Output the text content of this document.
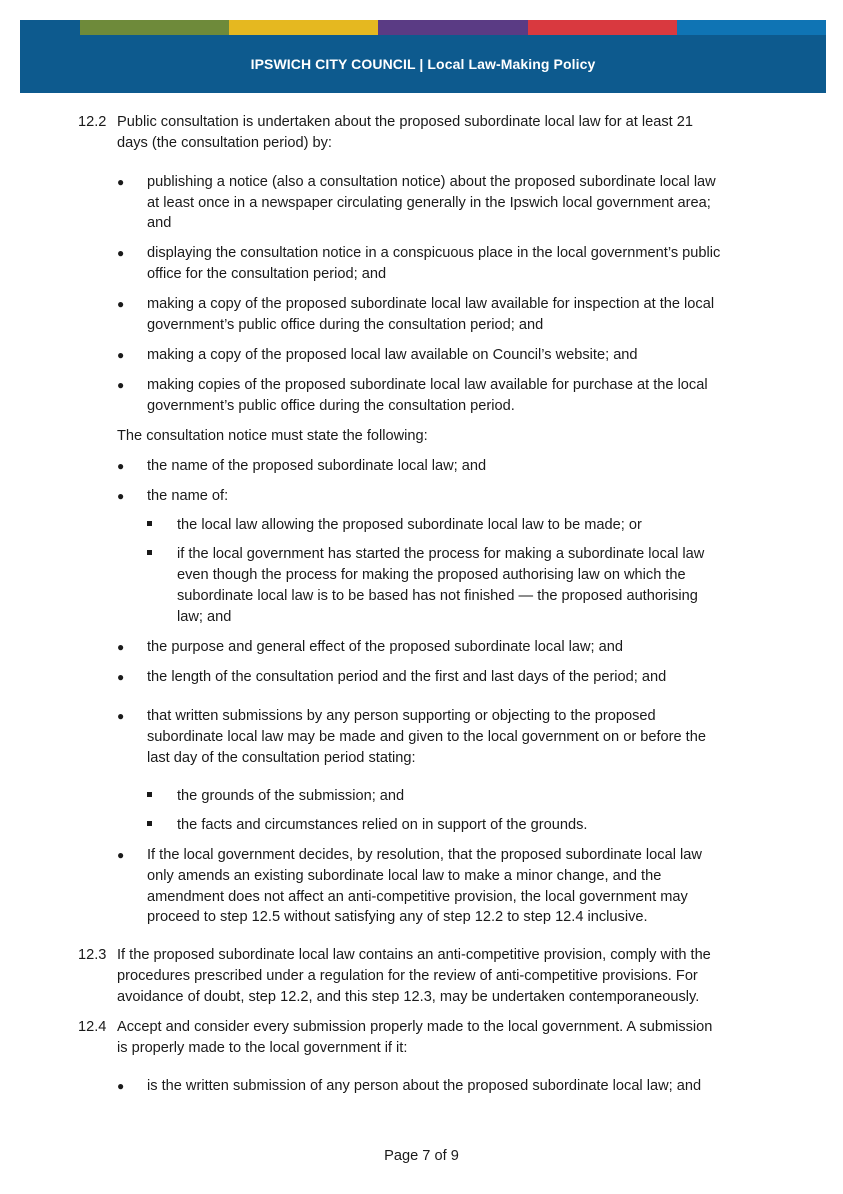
IPSWICH CITY COUNCIL | Local Law-Making Policy
12.2 Public consultation is undertaken about the proposed subordinate local law for at least 21

days (the consultation period) by:

● publishing a notice (also a consultation notice) about the proposed subordinate local law

at least once in a newspaper circulating generally in the Ipswich local government area;

and

● displaying the consultation notice in a conspicuous place in the local government’s public

office for the consultation period; and

● making a copy of the proposed subordinate local law available for inspection at the local

government’s public office during the consultation period; and

● making a copy of the proposed local law available on Council’s website; and

● making copies of the proposed subordinate local law available for purchase at the local

government’s public office during the consultation period.

The consultation notice must state the following:

● the name of the proposed subordinate local law; and

● the name of:

the local law allowing the proposed subordinate local law to be made; or

if the local government has started the process for making a subordinate local law

even though the process for making the proposed authorising law on which the

subordinate local law is to be based has not finished — the proposed authorising

law; and

● the purpose and general effect of the proposed subordinate local law; and

● the length of the consultation period and the first and last days of the period; and

● that written submissions by any person supporting or objecting to the proposed

subordinate local law may be made and given to the local government on or before the

last day of the consultation period stating:

the grounds of the submission; and

the facts and circumstances relied on in support of the grounds.

● If the local government decides, by resolution, that the proposed subordinate local law

only amends an existing subordinate local law to make a minor change, and the

amendment does not affect an anti-competitive provision, the local government may

proceed to step 12.5 without satisfying any of step 12.2 to step 12.4 inclusive.

12.3 If the proposed subordinate local law contains an anti-competitive provision, comply with the

procedures prescribed under a regulation for the review of anti-competitive provisions. For

avoidance of doubt, step 12.2, and this step 12.3, may be undertaken contemporaneously.

12.4 Accept and consider every submission properly made to the local government. A submission

is properly made to the local government if it:

● is the written submission of any person about the proposed subordinate local law; and

Page 7 of 9
